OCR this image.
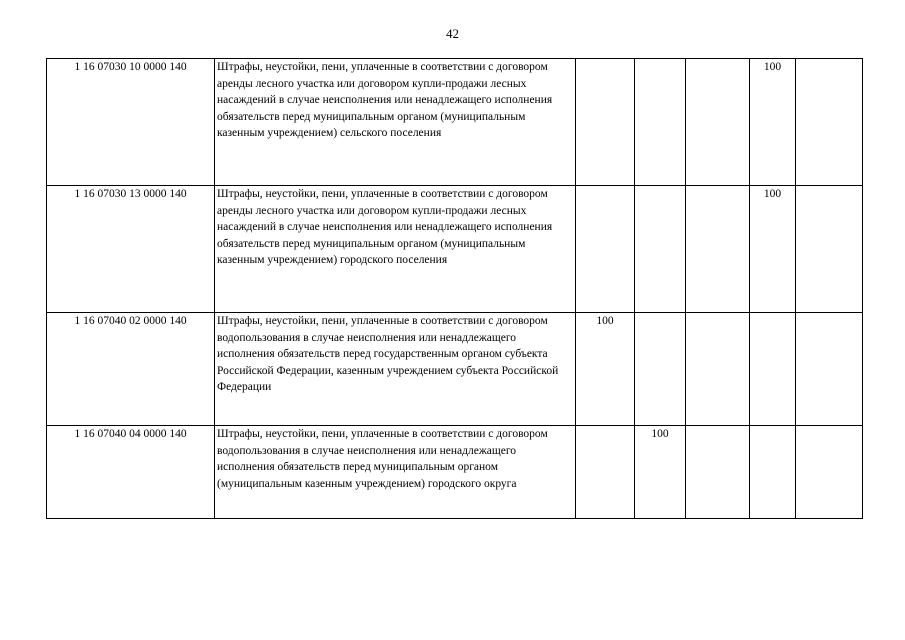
42
1 16 07030 10 0000 140	Штрафы, неустойки, пени, уплаченные в соответствии с договором аренды лесного участка или договором купли-продажи лесных насаждений в случае неисполнения или ненадлежащего исполнения обязательств перед муниципальным органом (муниципальным казенным учреждением) сельского поселения				100	
1 16 07030 13 0000 140	Штрафы, неустойки, пени, уплаченные в соответствии с договором аренды лесного участка или договором купли-продажи лесных насаждений в случае неисполнения или ненадлежащего исполнения обязательств перед муниципальным органом (муниципальным казенным учреждением) городского поселения				100	
1 16 07040 02 0000 140	Штрафы, неустойки, пени, уплаченные в соответствии с договором водопользования в случае неисполнения или ненадлежащего исполнения обязательств перед государственным органом субъекта Российской Федерации, казенным учреждением субъекта Российской Федерации	100				
1 16 07040 04 0000 140	Штрафы, неустойки, пени, уплаченные в соответствии с договором водопользования в случае неисполнения или ненадлежащего исполнения обязательств перед муниципальным органом (муниципальным казенным учреждением) городского округа		100			
